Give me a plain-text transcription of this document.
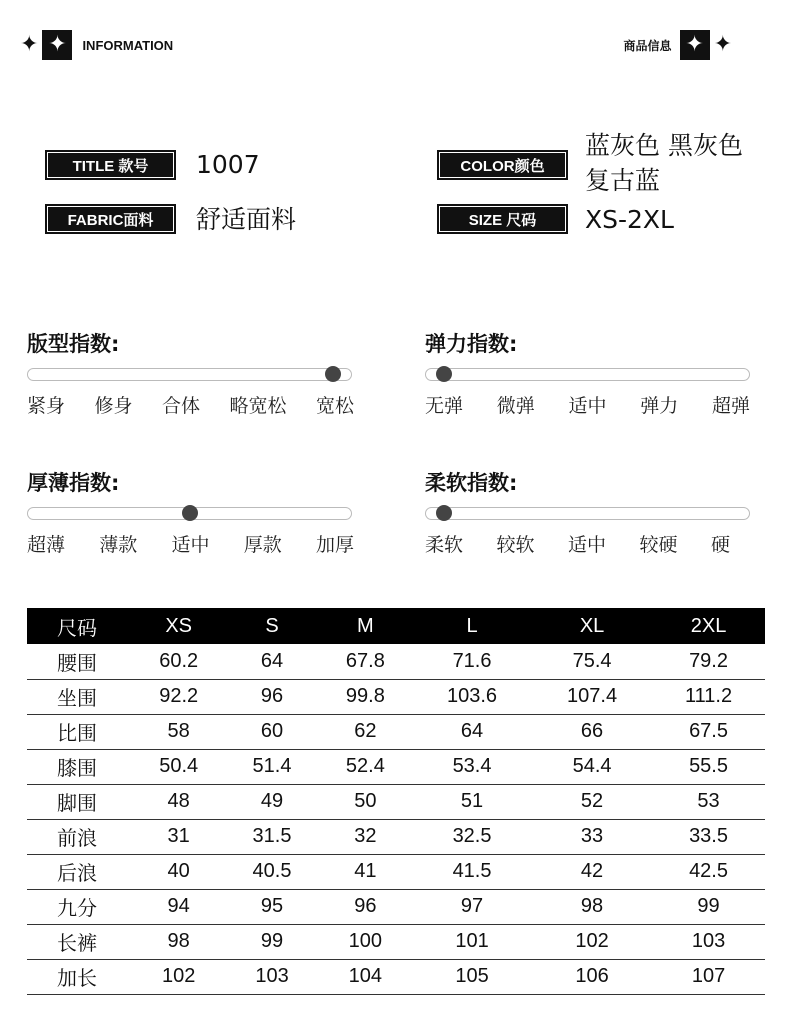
✦ ✦	INFORMATION	商品信息 ✦ ✦
TITLE 款号	1007
FABRIC面料	舒适面料
COLOR颜色
蓝灰色 黑灰色
复古蓝
SIZE 尺码	XS-2XL
版型指数:
紧身 修身 合体 略宽松 宽松
弹力指数:
无弹 微弹 适中 弹力 超弹
厚薄指数:
超薄 薄款 适中 厚款 加厚
柔软指数:
柔软 较软 适中 较硬 硬
尺码	XS	S	M	L	XL	2XL
腰围	60.2	64	67.8	71.6	75.4	79.2
坐围	92.2	96	99.8	103.6	107.4	111.2
比围	58	60	62	64	66	67.5
膝围	50.4	51.4	52.4	53.4	54.4	55.5
脚围	48	49	50	51	52	53
前浪	31	31.5	32	32.5	33	33.5
后浪	40	40.5	41	41.5	42	42.5
九分	94	95	96	97	98	99
长裤	98	99	100	101	102	103
加长	102	103	104	105	106	107
